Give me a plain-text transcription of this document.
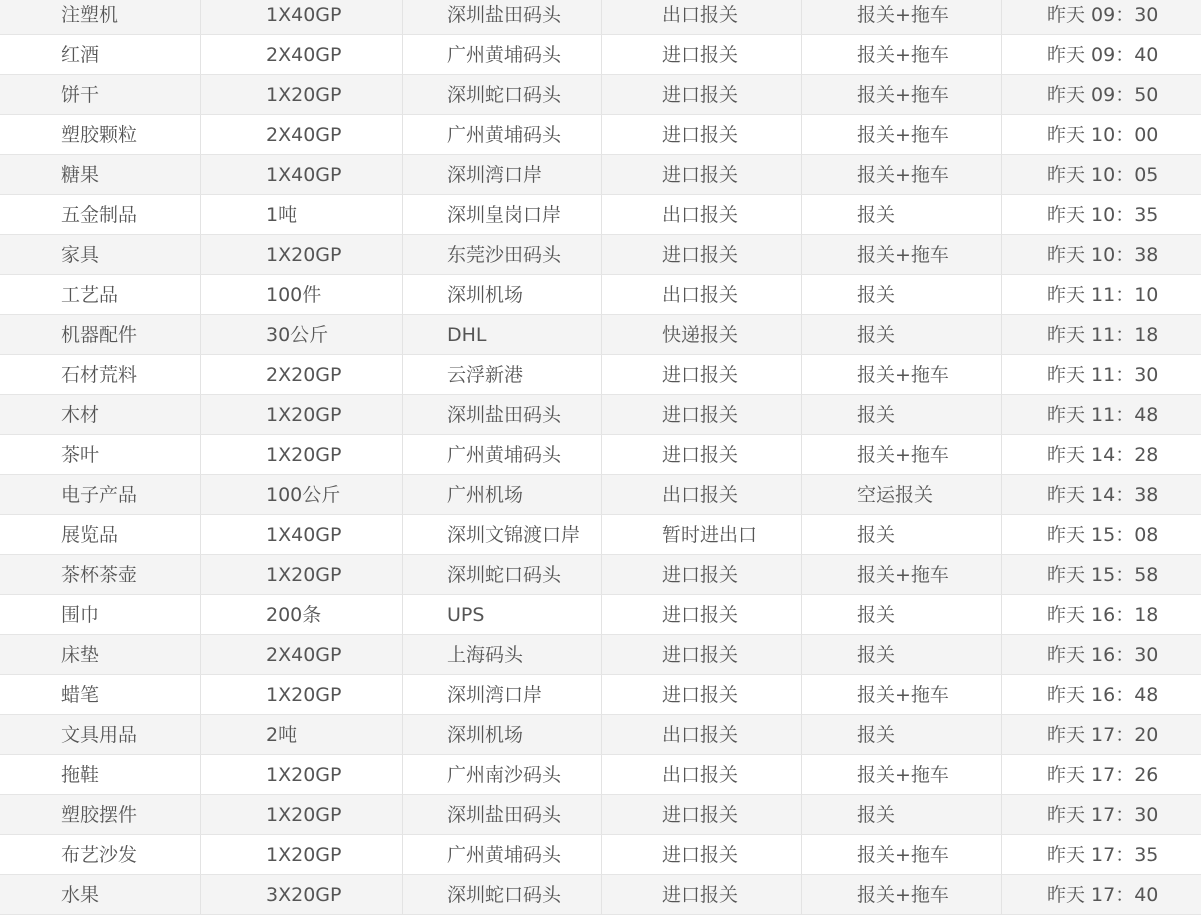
注塑机	1X40GP	深圳盐田码头	出口报关	报关+拖车	昨天 09：30
红酒	2X40GP	广州黄埔码头	进口报关	报关+拖车	昨天 09：40
饼干	1X20GP	深圳蛇口码头	进口报关	报关+拖车	昨天 09：50
塑胶颗粒	2X40GP	广州黄埔码头	进口报关	报关+拖车	昨天 10：00
糖果	1X40GP	深圳湾口岸	进口报关	报关+拖车	昨天 10：05
五金制品	1吨	深圳皇岗口岸	出口报关	报关	昨天 10：35
家具	1X20GP	东莞沙田码头	进口报关	报关+拖车	昨天 10：38
工艺品	100件	深圳机场	出口报关	报关	昨天 11：10
机器配件	30公斤	DHL	快递报关	报关	昨天 11：18
石材荒料	2X20GP	云浮新港	进口报关	报关+拖车	昨天 11：30
木材	1X20GP	深圳盐田码头	进口报关	报关	昨天 11：48
茶叶	1X20GP	广州黄埔码头	进口报关	报关+拖车	昨天 14：28
电子产品	100公斤	广州机场	出口报关	空运报关	昨天 14：38
展览品	1X40GP	深圳文锦渡口岸	暂时进出口	报关	昨天 15：08
茶杯茶壶	1X20GP	深圳蛇口码头	进口报关	报关+拖车	昨天 15：58
围巾	200条	UPS	进口报关	报关	昨天 16：18
床垫	2X40GP	上海码头	进口报关	报关	昨天 16：30
蜡笔	1X20GP	深圳湾口岸	进口报关	报关+拖车	昨天 16：48
文具用品	2吨	深圳机场	出口报关	报关	昨天 17：20
拖鞋	1X20GP	广州南沙码头	出口报关	报关+拖车	昨天 17：26
塑胶摆件	1X20GP	深圳盐田码头	进口报关	报关	昨天 17：30
布艺沙发	1X20GP	广州黄埔码头	进口报关	报关+拖车	昨天 17：35
水果	3X20GP	深圳蛇口码头	进口报关	报关+拖车	昨天 17：40
